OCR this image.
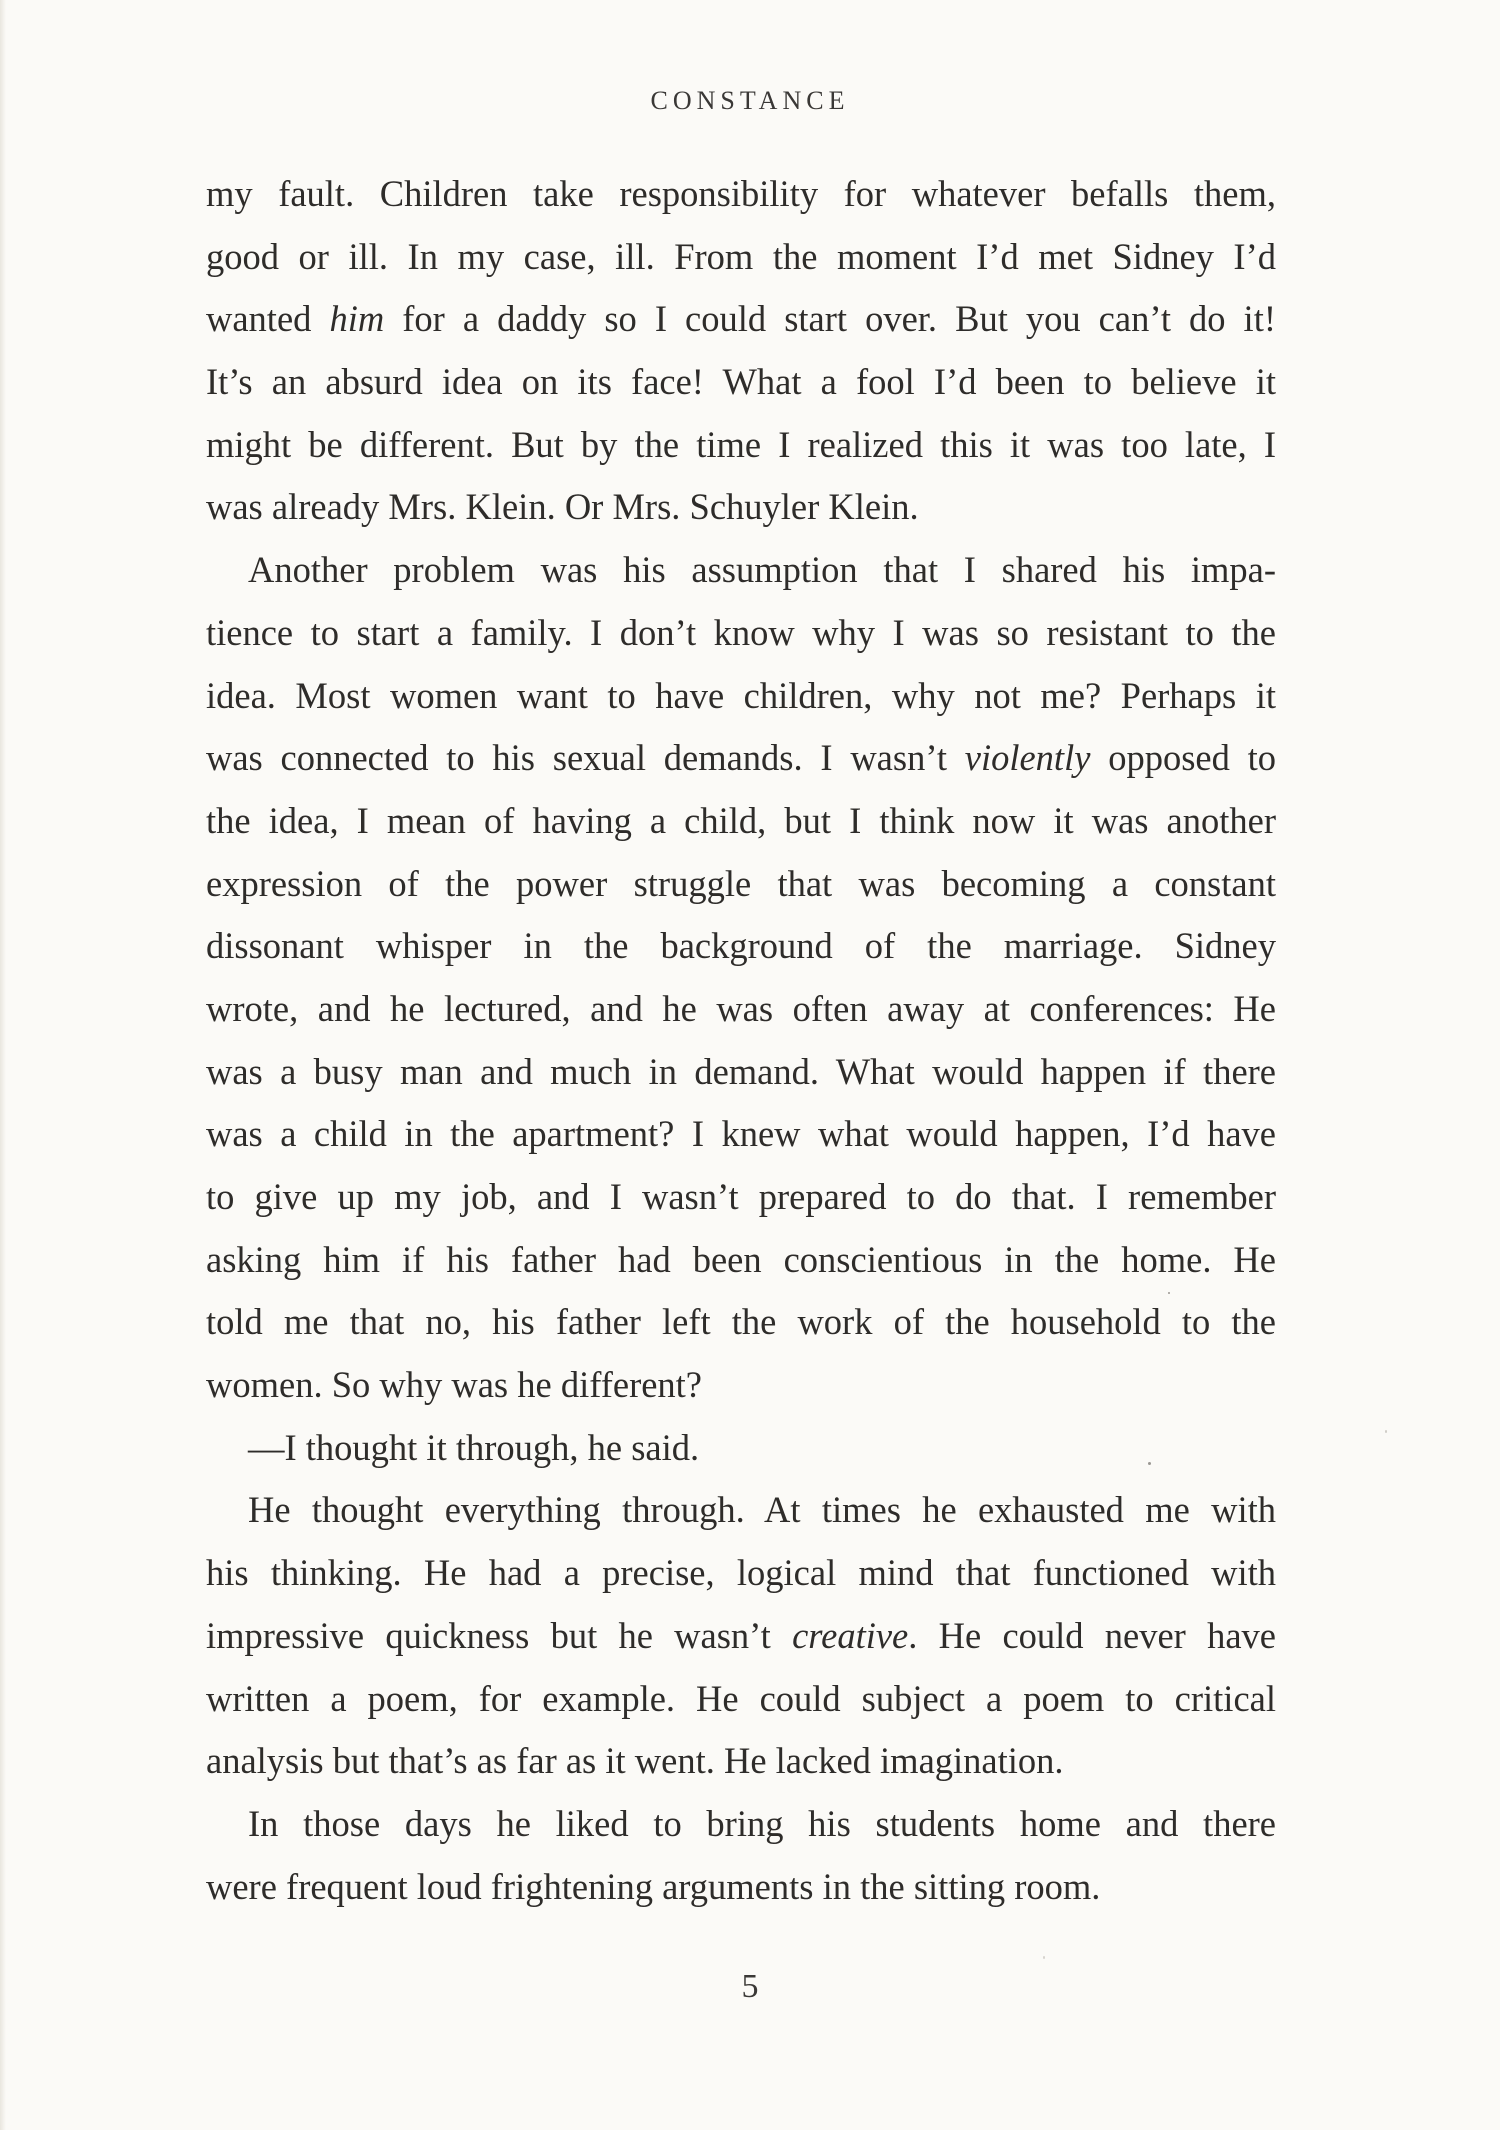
CONSTANCE
my fault. Children take responsibility for whatever befalls them,
good or ill. In my case, ill. From the moment I’d met Sidney I’d
wanted him for a daddy so I could start over. But you can’t do it!
It’s an absurd idea on its face! What a fool I’d been to believe it
might be different. But by the time I realized this it was too late, I
was already Mrs. Klein. Or Mrs. Schuyler Klein.
Another problem was his assumption that I shared his impa-
tience to start a family. I don’t know why I was so resistant to the
idea. Most women want to have children, why not me? Perhaps it
was connected to his sexual demands. I wasn’t violently opposed to
the idea, I mean of having a child, but I think now it was another
expression of the power struggle that was becoming a constant
dissonant whisper in the background of the marriage. Sidney
wrote, and he lectured, and he was often away at conferences: He
was a busy man and much in demand. What would happen if there
was a child in the apartment? I knew what would happen, I’d have
to give up my job, and I wasn’t prepared to do that. I remember
asking him if his father had been conscientious in the home. He
told me that no, his father left the work of the household to the
women. So why was he different?
—I thought it through, he said.
He thought everything through. At times he exhausted me with
his thinking. He had a precise, logical mind that functioned with
impressive quickness but he wasn’t creative. He could never have
written a poem, for example. He could subject a poem to critical
analysis but that’s as far as it went. He lacked imagination.
In those days he liked to bring his students home and there
were frequent loud frightening arguments in the sitting room.
5
